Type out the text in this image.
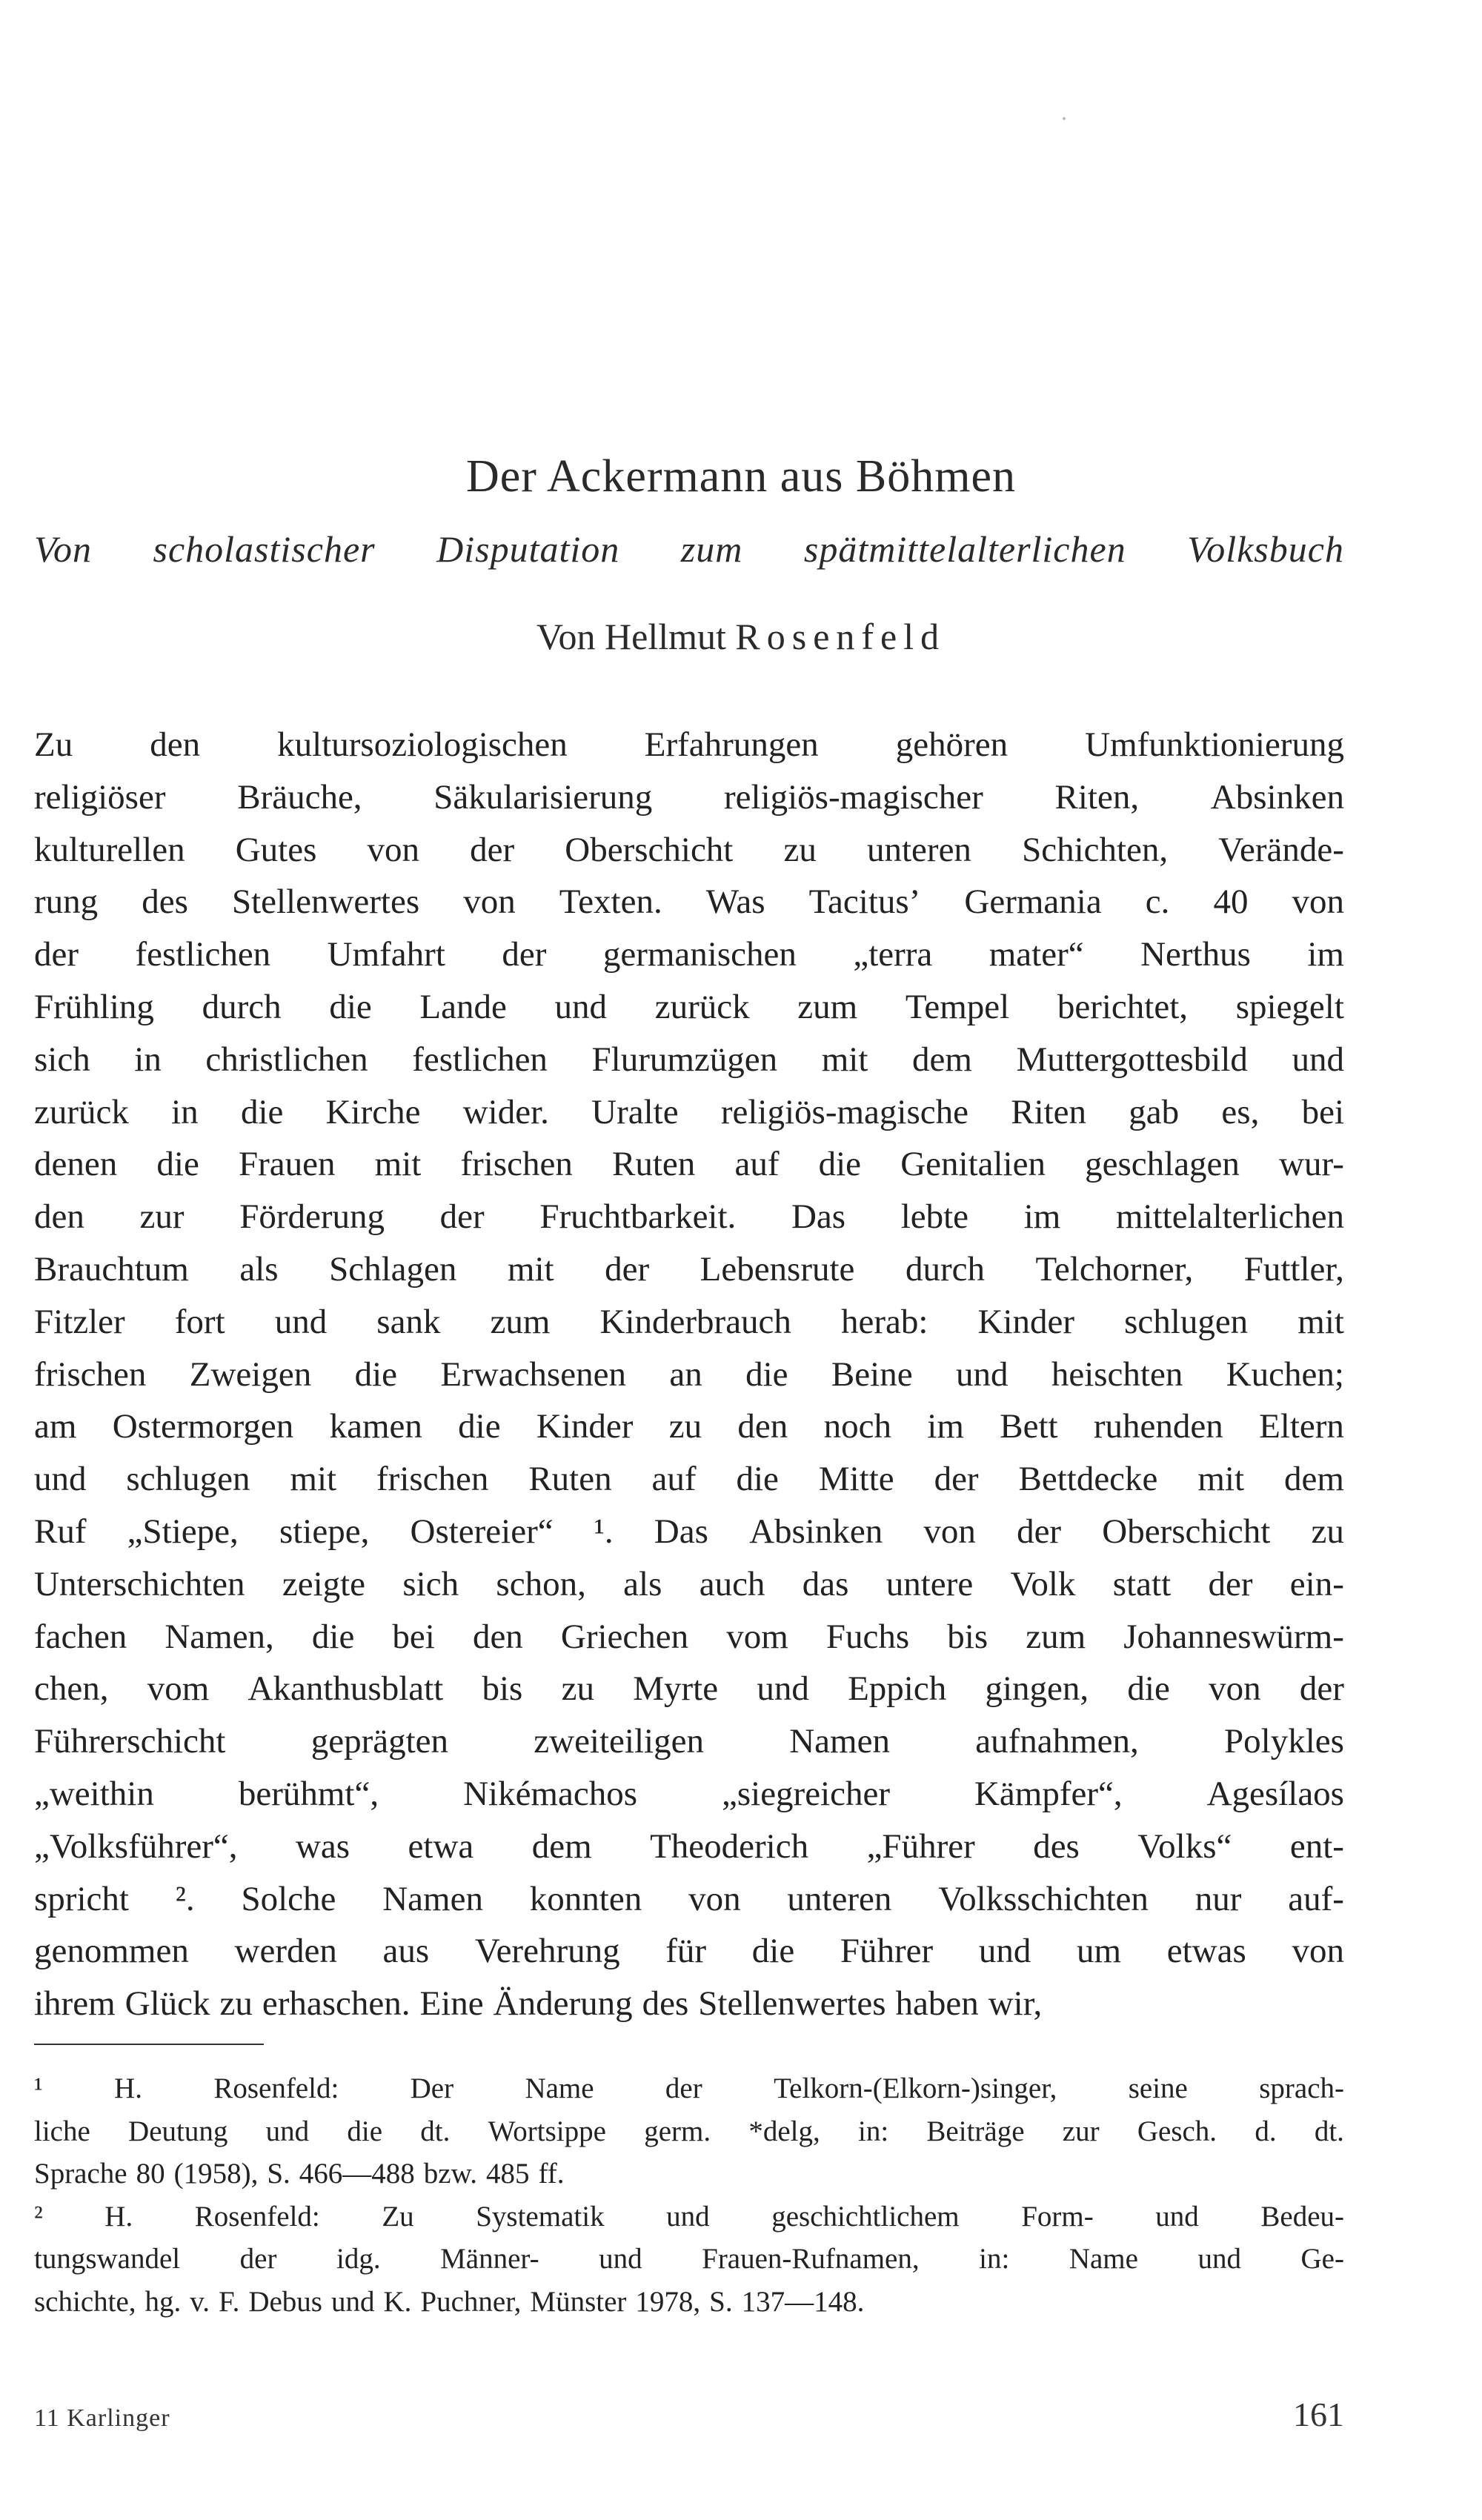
Der Ackermann aus Böhmen
Von scholastischer Disputation zum spätmittelalterlichen Volksbuch
Von Hellmut Rosenfeld
Zu den kultursoziologischen Erfahrungen gehören Umfunktionierung
religiöser Bräuche, Säkularisierung religiös-magischer Riten, Absinken
kulturellen Gutes von der Oberschicht zu unteren Schichten, Verände-
rung des Stellenwertes von Texten. Was Tacitus’ Germania c. 40 von
der festlichen Umfahrt der germanischen „terra mater“ Nerthus im
Frühling durch die Lande und zurück zum Tempel berichtet, spiegelt
sich in christlichen festlichen Flurumzügen mit dem Muttergottesbild und
zurück in die Kirche wider. Uralte religiös-magische Riten gab es, bei
denen die Frauen mit frischen Ruten auf die Genitalien geschlagen wur-
den zur Förderung der Fruchtbarkeit. Das lebte im mittelalterlichen
Brauchtum als Schlagen mit der Lebensrute durch Telchorner, Futtler,
Fitzler fort und sank zum Kinderbrauch herab: Kinder schlugen mit
frischen Zweigen die Erwachsenen an die Beine und heischten Kuchen;
am Ostermorgen kamen die Kinder zu den noch im Bett ruhenden Eltern
und schlugen mit frischen Ruten auf die Mitte der Bettdecke mit dem
Ruf „Stiepe, stiepe, Ostereier“ ¹. Das Absinken von der Oberschicht zu
Unterschichten zeigte sich schon, als auch das untere Volk statt der ein-
fachen Namen, die bei den Griechen vom Fuchs bis zum Johanneswürm-
chen, vom Akanthusblatt bis zu Myrte und Eppich gingen, die von der
Führerschicht geprägten zweiteiligen Namen aufnahmen, Polykles
„weithin berühmt“, Nikémachos „siegreicher Kämpfer“, Agesílaos
„Volksführer“, was etwa dem Theoderich „Führer des Volks“ ent-
spricht ². Solche Namen konnten von unteren Volksschichten nur auf-
genommen werden aus Verehrung für die Führer und um etwas von
ihrem Glück zu erhaschen. Eine Änderung des Stellenwertes haben wir,
¹ H. Rosenfeld: Der Name der Telkorn-(Elkorn-)singer, seine sprach-
liche Deutung und die dt. Wortsippe germ. *delg, in: Beiträge zur Gesch. d. dt.
Sprache 80 (1958), S. 466—488 bzw. 485 ff.
² H. Rosenfeld: Zu Systematik und geschichtlichem Form- und Bedeu-
tungswandel der idg. Männer- und Frauen-Rufnamen, in: Name und Ge-
schichte, hg. v. F. Debus und K. Puchner, Münster 1978, S. 137—148.
11 Karlinger	161
